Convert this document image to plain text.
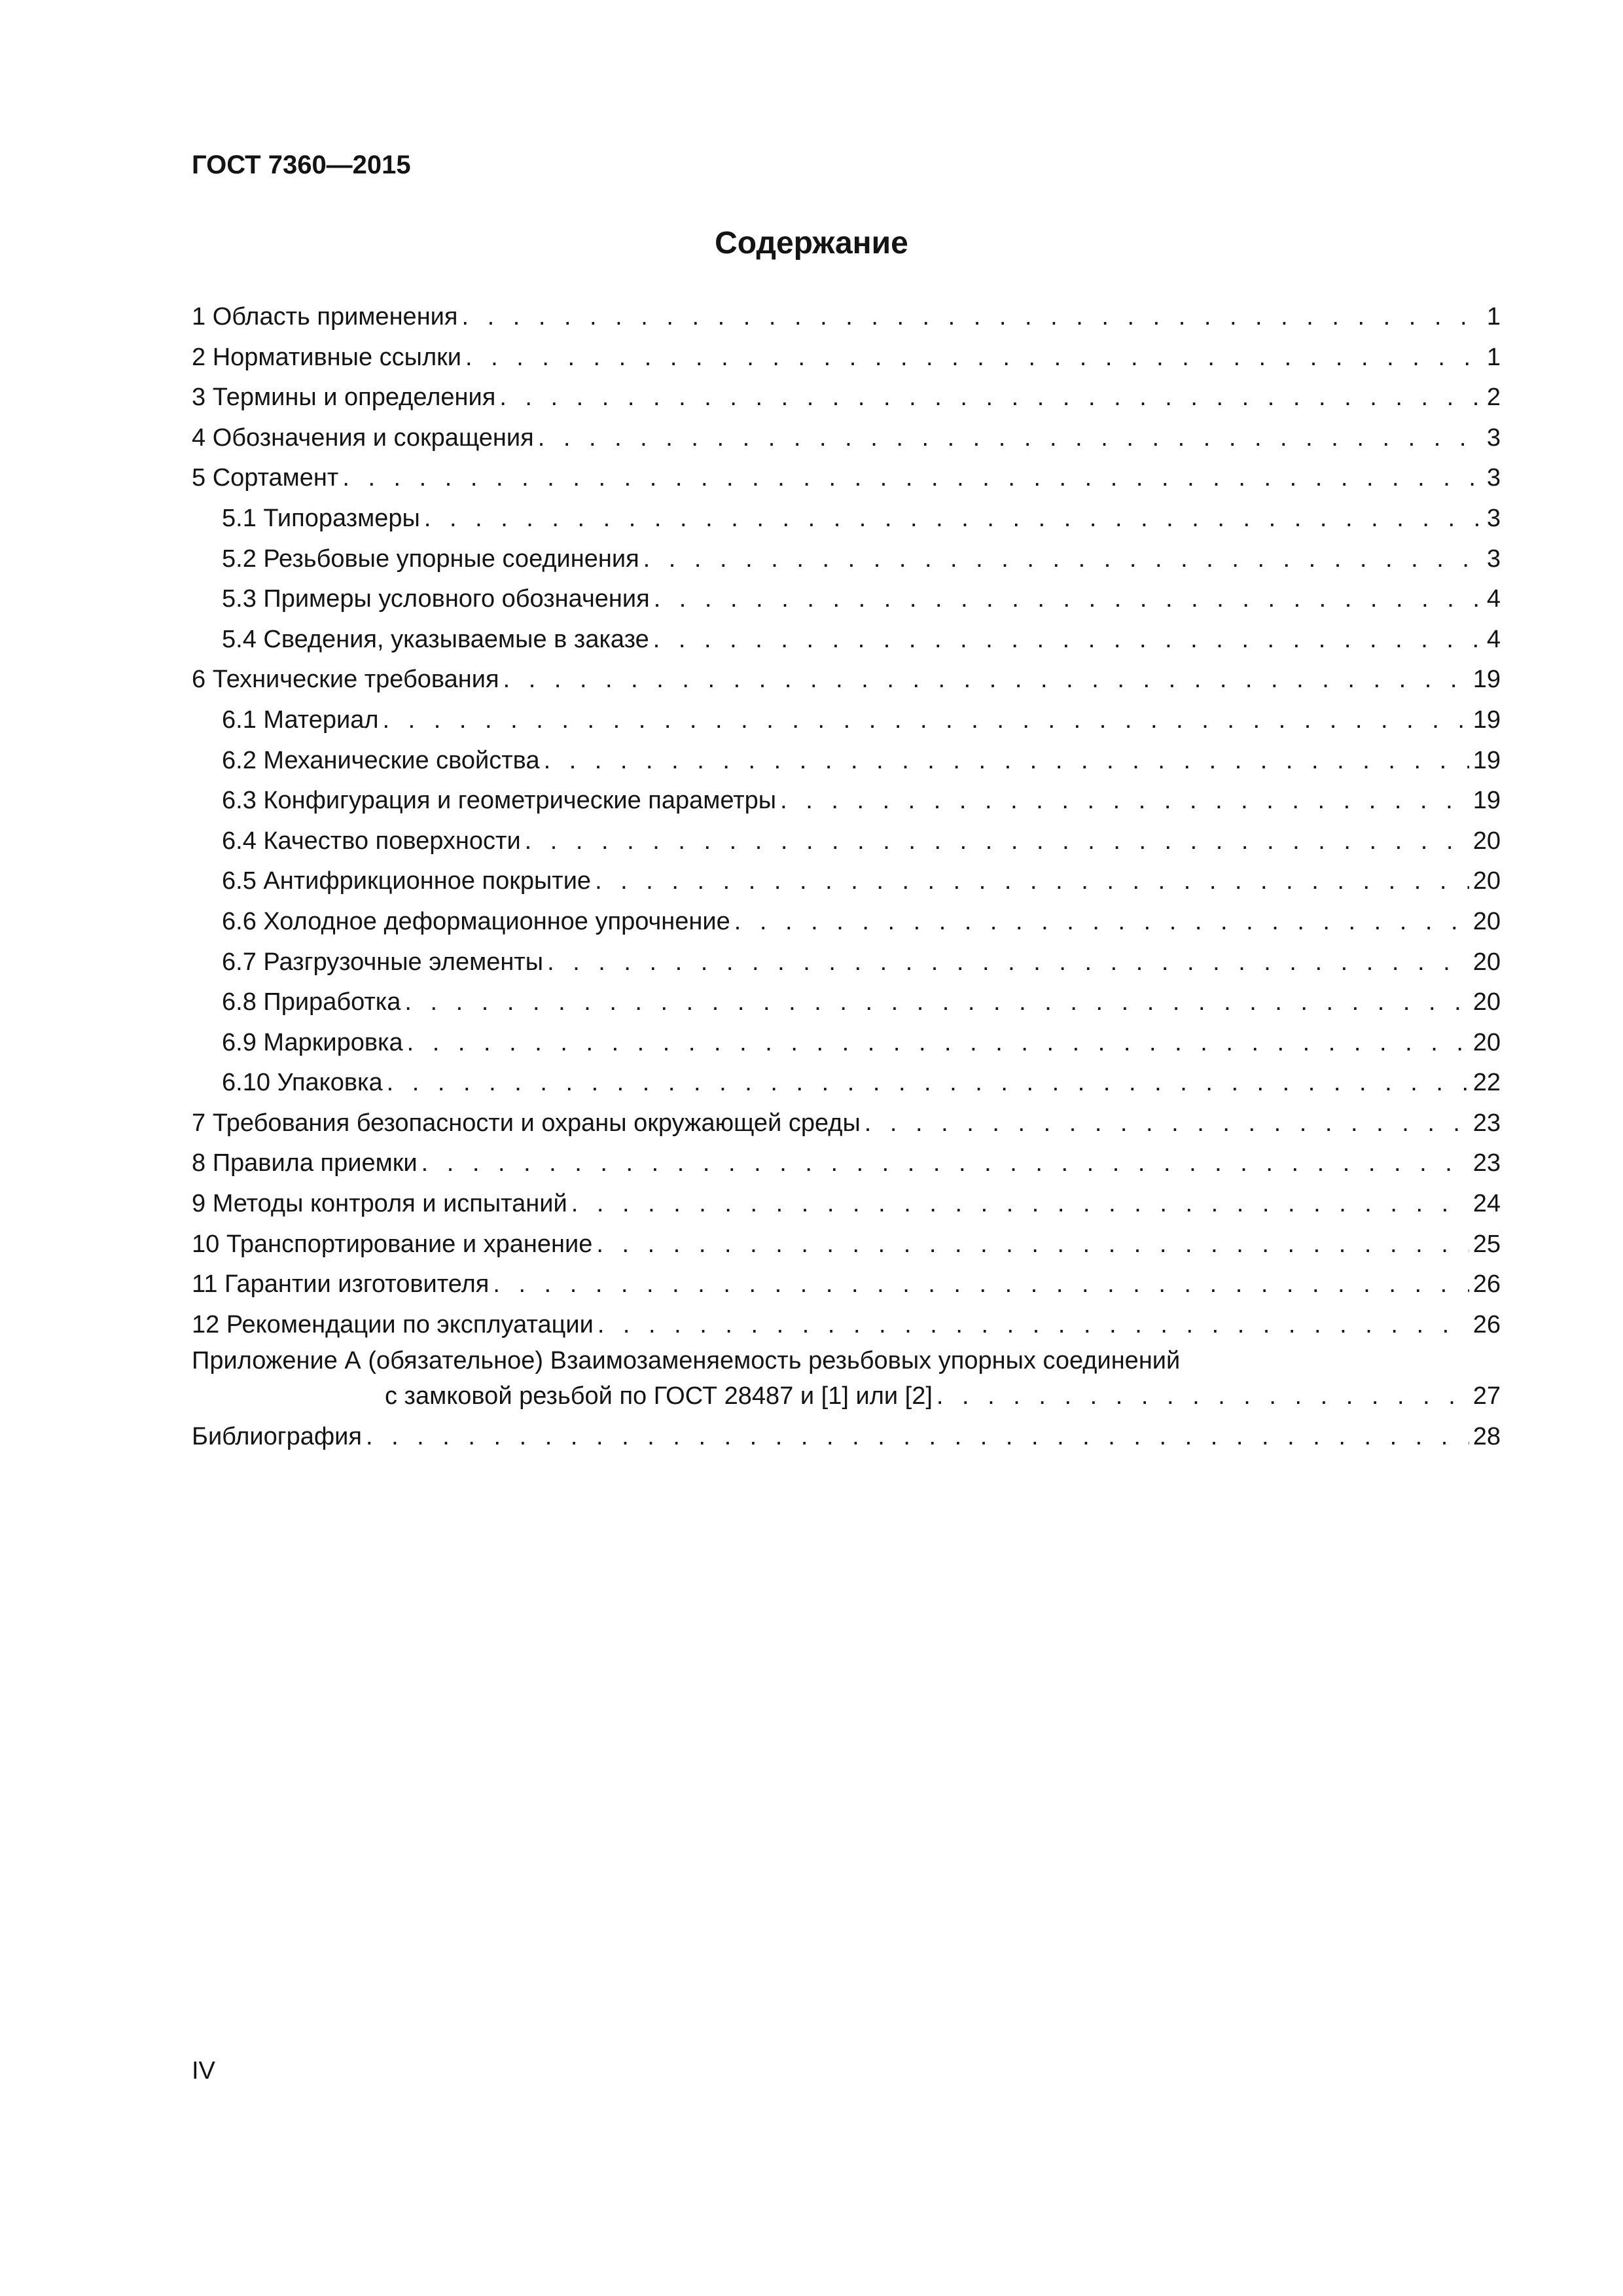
ГОСТ 7360—2015
Содержание
1 Область применения . . .	1
2 Нормативные ссылки . . .	1
3 Термины и определения . . .	2
4 Обозначения и сокращения . . .	3
5 Сортамент . . .	3
5.1 Типоразмеры . . .	3
5.2 Резьбовые упорные соединения . . .	3
5.3 Примеры условного обозначения . . .	4
5.4 Сведения, указываемые в заказе . . .	4
6 Технические требования . . .	19
6.1 Материал . . .	19
6.2 Механические свойства . . .	19
6.3 Конфигурация и геометрические параметры . . .	19
6.4 Качество поверхности . . .	20
6.5 Антифрикционное покрытие . . .	20
6.6 Холодное деформационное упрочнение . . .	20
6.7 Разгрузочные элементы . . .	20
6.8 Приработка . . .	20
6.9 Маркировка . . .	20
6.10 Упаковка . . .	22
7 Требования безопасности и охраны окружающей среды . . .	23
8 Правила приемки . . .	23
9 Методы контроля и испытаний . . .	24
10 Транспортирование и хранение . . .	25
11 Гарантии изготовителя . . .	26
12 Рекомендации по эксплуатации . . .	26
Приложение А (обязательное) Взаимозаменяемость резьбовых упорных соединений
с замковой резьбой по ГОСТ 28487 и [1] или [2] . . .	27
Библиография . . .	28
IV
